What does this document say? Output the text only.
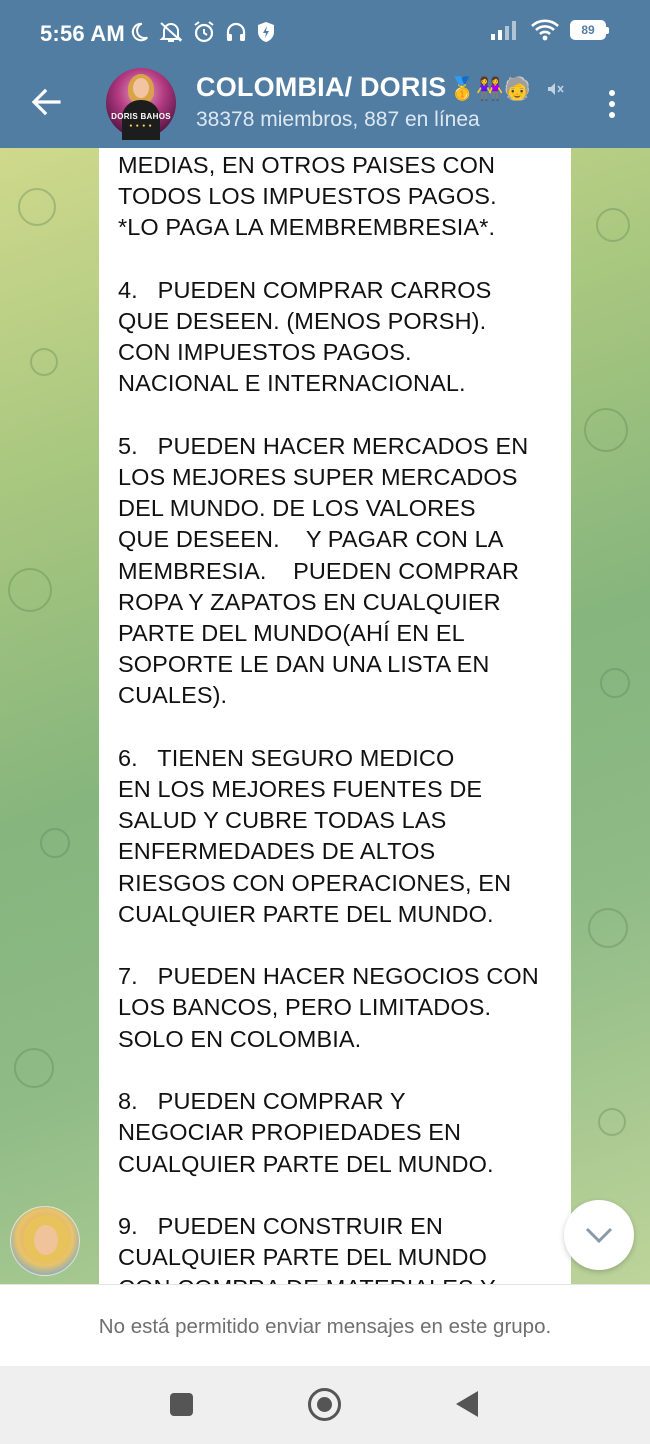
5:56 AM	89
DORIS BAHOS
● ● ● ●
COLOMBIA/ DORIS🥇👭🧓
38378 miembros, 887 en línea
MEDIAS, EN OTROS PAISES CON
TODOS LOS IMPUESTOS PAGOS.
*LO PAGA LA MEMBREMBRESIA*.

4.   PUEDEN COMPRAR CARROS
QUE DESEEN. (MENOS PORSH).
CON IMPUESTOS PAGOS.
NACIONAL E INTERNACIONAL.

5.   PUEDEN HACER MERCADOS EN
LOS MEJORES SUPER MERCADOS
DEL MUNDO. DE LOS VALORES
QUE DESEEN.    Y PAGAR CON LA
MEMBRESIA.    PUEDEN COMPRAR
ROPA Y ZAPATOS EN CUALQUIER
PARTE DEL MUNDO(AHÍ EN EL
SOPORTE LE DAN UNA LISTA EN
CUALES).

6.   TIENEN SEGURO MEDICO
EN LOS MEJORES FUENTES DE
SALUD Y CUBRE TODAS LAS
ENFERMEDADES DE ALTOS
RIESGOS CON OPERACIONES, EN
CUALQUIER PARTE DEL MUNDO.

7.   PUEDEN HACER NEGOCIOS CON
LOS BANCOS, PERO LIMITADOS.
SOLO EN COLOMBIA.

8.   PUEDEN COMPRAR Y
NEGOCIAR PROPIEDADES EN
CUALQUIER PARTE DEL MUNDO.

9.   PUEDEN CONSTRUIR EN
CUALQUIER PARTE DEL MUNDO

No está permitido enviar mensajes en este grupo.
